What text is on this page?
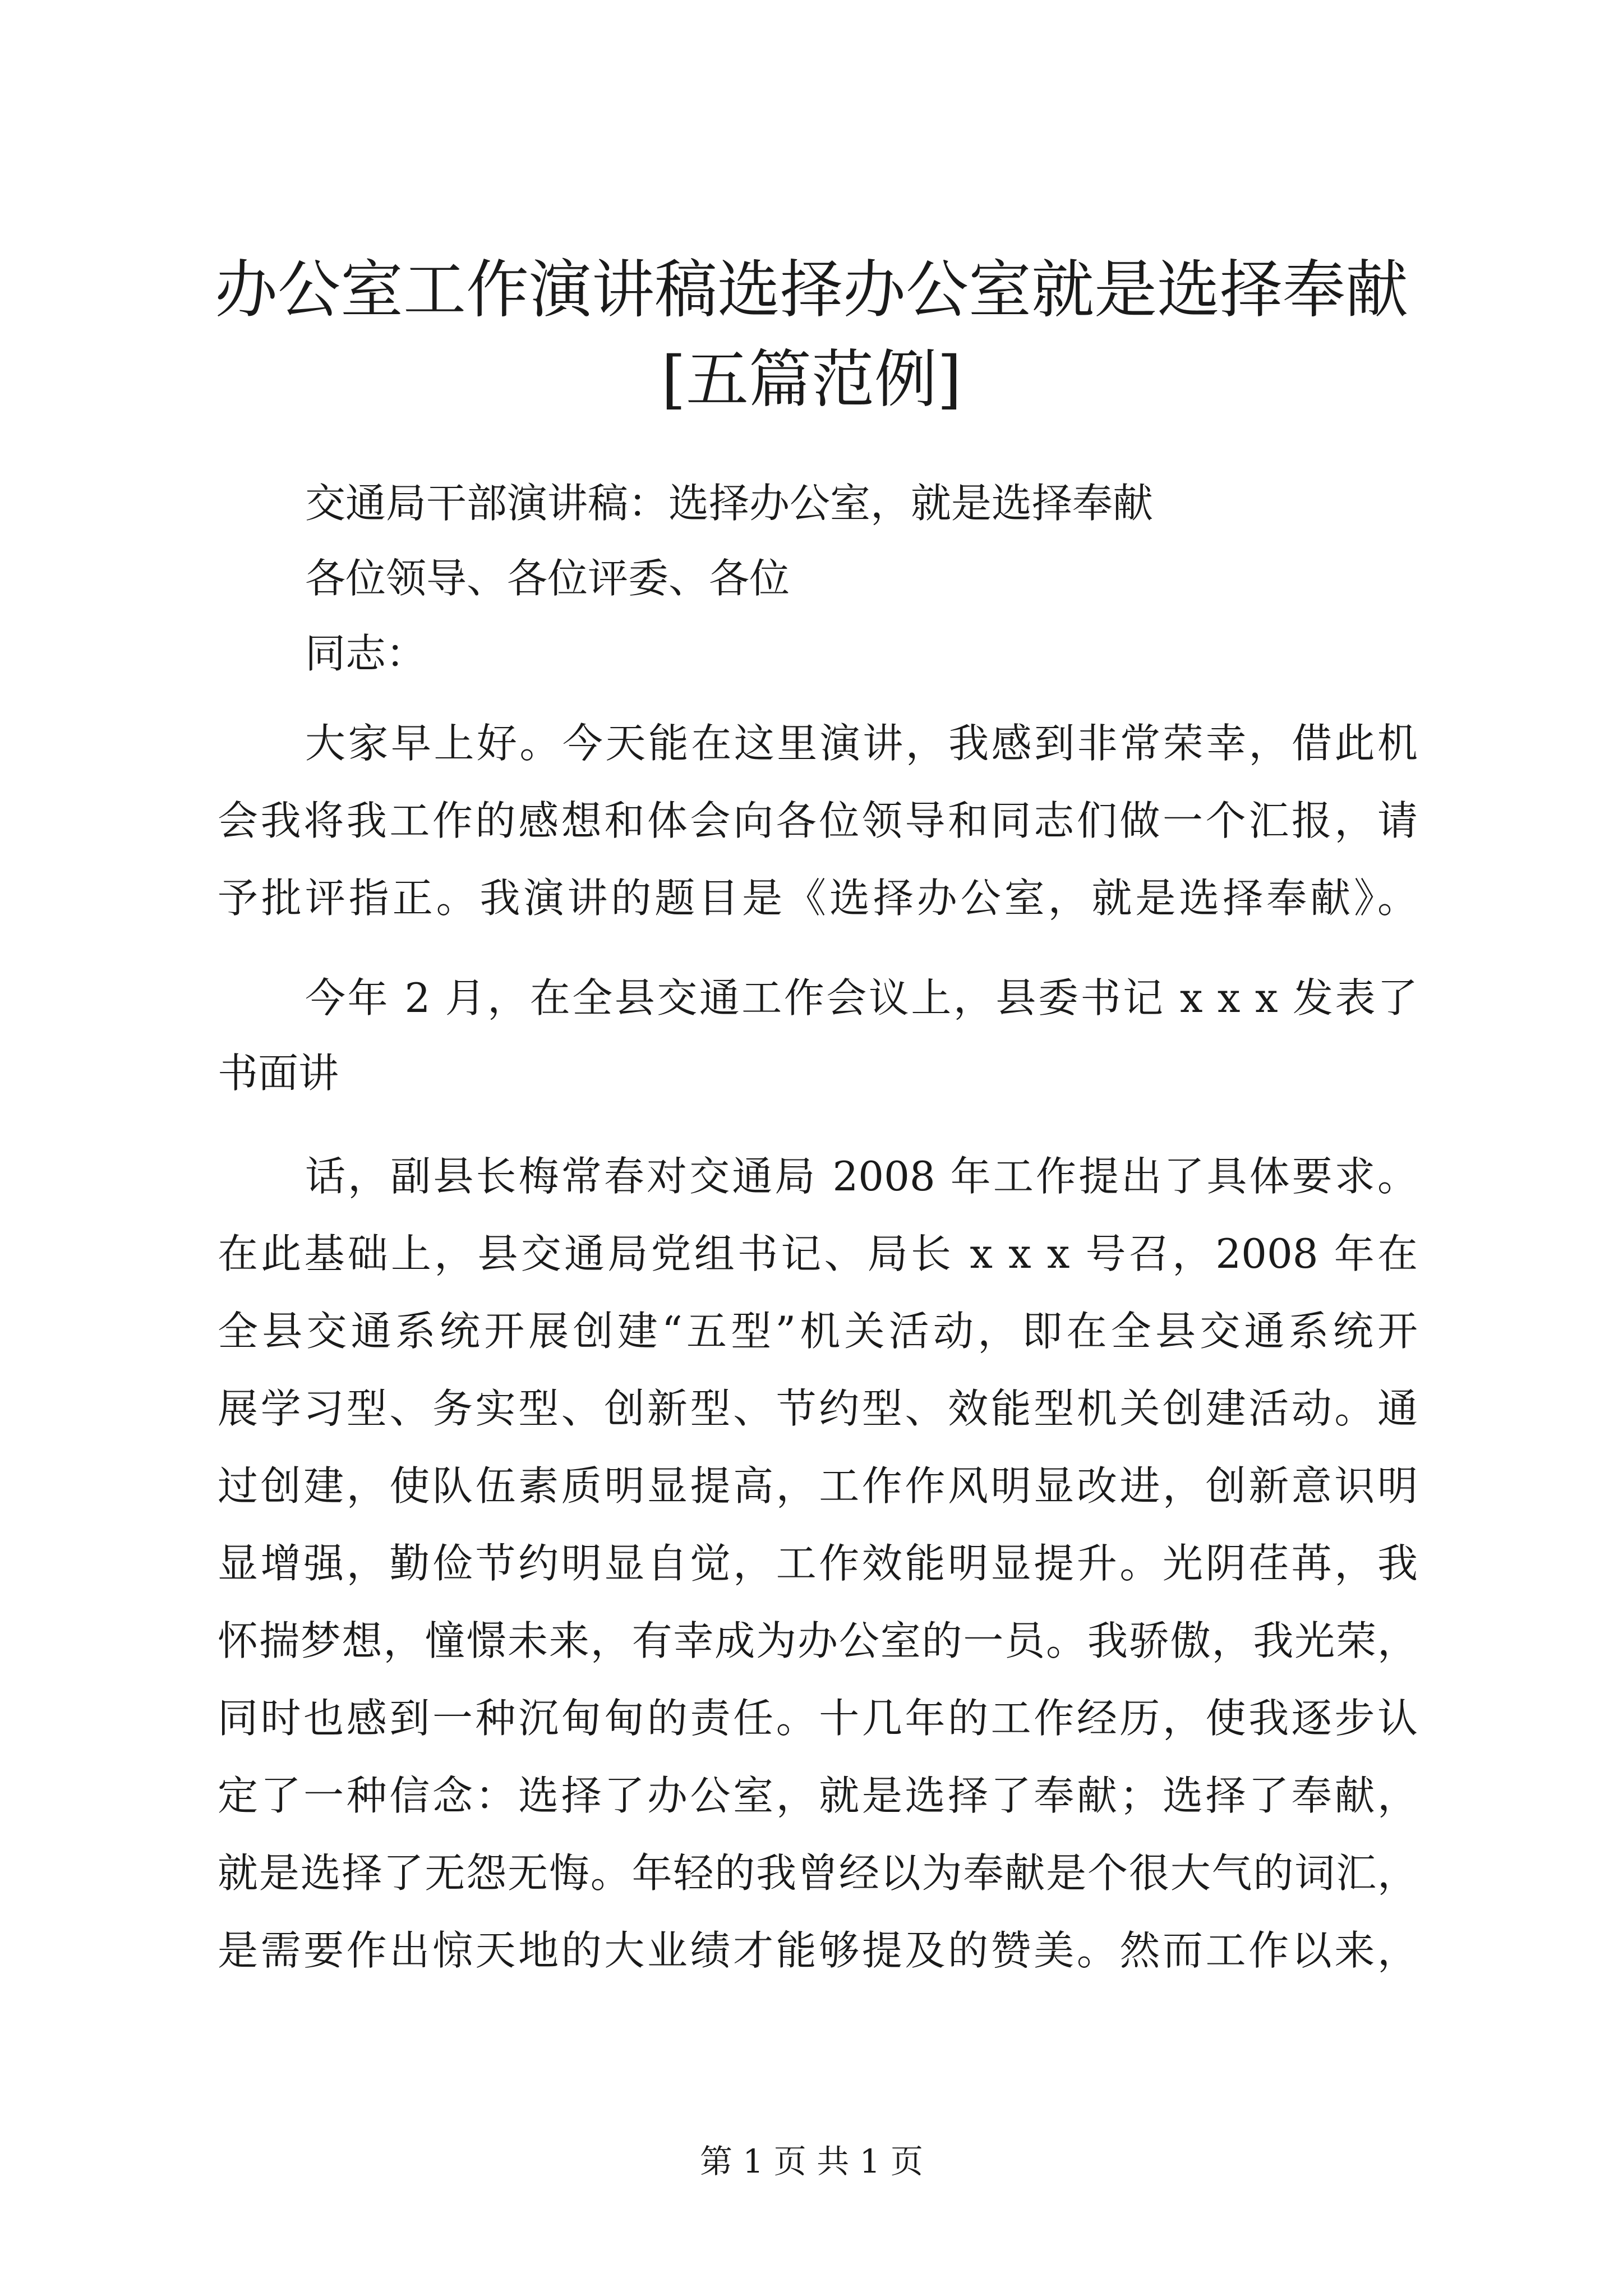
办公室工作演讲稿选择办公室就是选择奉献
[五篇范例]

交通局干部演讲稿：选择办公室，就是选择奉献

各位领导、各位评委、各位

同志：

大家早上好。今天能在这里演讲，我感到非常荣幸，借此机

会我将我工作的感想和体会向各位领导和同志们做一个汇报，请

予批评指正。我演讲的题目是《选择办公室，就是选择奉献》。

今年 2 月，在全县交通工作会议上，县委书记 x x x 发表了

书面讲

话，副县长梅常春对交通局 2008 年工作提出了具体要求。

在此基础上，县交通局党组书记、局长 x x x 号召，2008 年在

全县交通系统开展创建“五型”机关活动，即在全县交通系统开

展学习型、务实型、创新型、节约型、效能型机关创建活动。通

过创建，使队伍素质明显提高，工作作风明显改进，创新意识明

显增强，勤俭节约明显自觉，工作效能明显提升。光阴荏苒，我

怀揣梦想，憧憬未来，有幸成为办公室的一员。我骄傲，我光荣，

同时也感到一种沉甸甸的责任。十几年的工作经历，使我逐步认

定了一种信念：选择了办公室，就是选择了奉献；选择了奉献，

就是选择了无怨无悔。年轻的我曾经以为奉献是个很大气的词汇，

是需要作出惊天地的大业绩才能够提及的赞美。然而工作以来，

第 1 页 共 1 页
